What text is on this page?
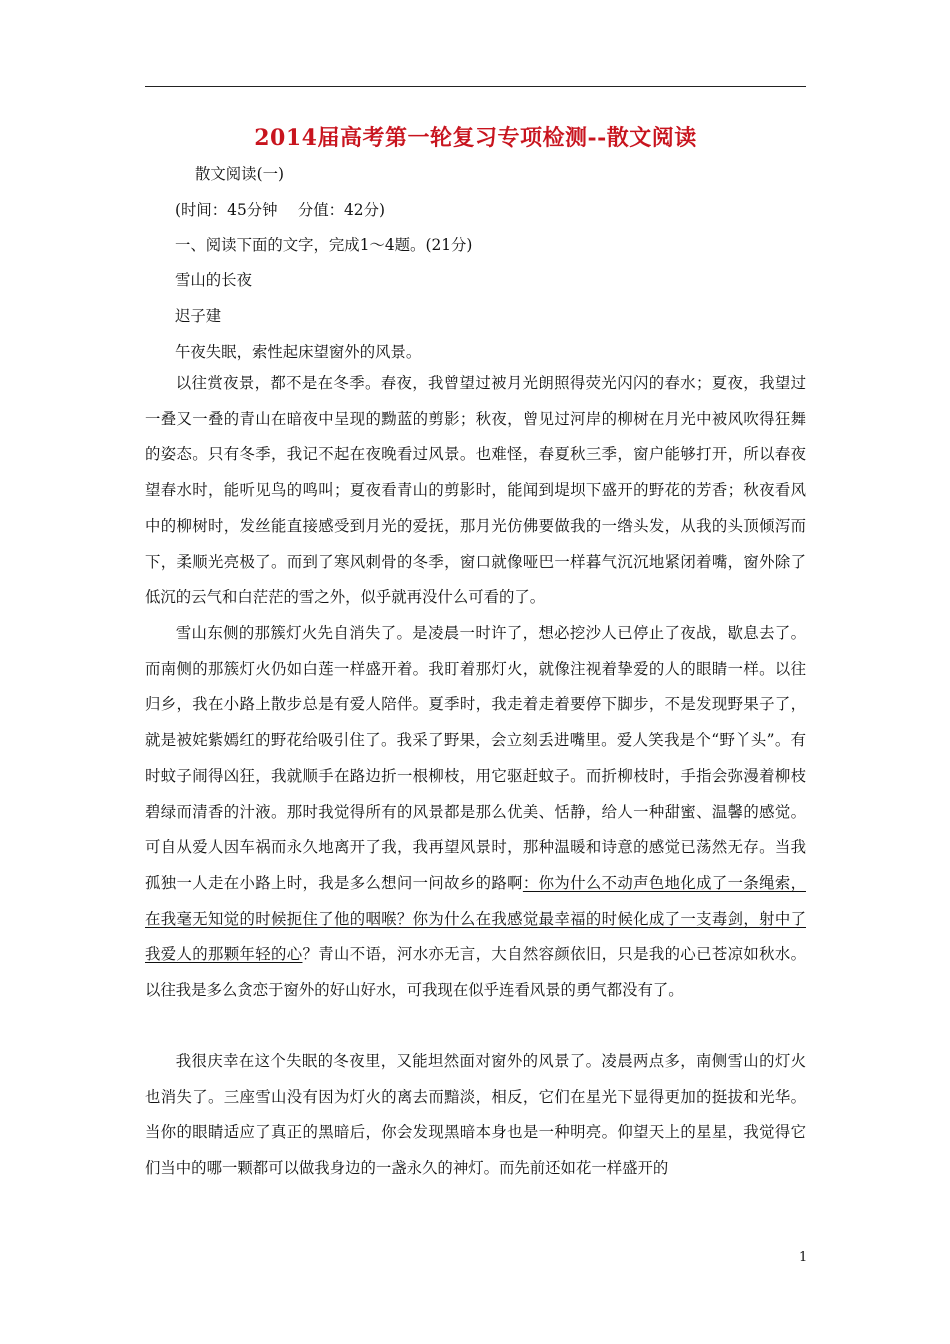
2014届高考第一轮复习专项检测--散文阅读
散文阅读(一)
(时间：45分钟　 分值：42分)
一、阅读下面的文字，完成1～4题。(21分)
雪山的长夜
迟子建
午夜失眠，索性起床望窗外的风景。

以往赏夜景，都不是在冬季。春夜，我曾望过被月光朗照得荧光闪闪的春水；夏夜，我望过一叠又一叠的青山在暗夜中呈现的黝蓝的剪影；秋夜，曾见过河岸的柳树在月光中被风吹得狂舞的姿态。只有冬季，我记不起在夜晚看过风景。也难怪，春夏秋三季，窗户能够打开，所以春夜望春水时，能听见鸟的鸣叫；夏夜看青山的剪影时，能闻到堤坝下盛开的野花的芳香；秋夜看风中的柳树时，发丝能直接感受到月光的爱抚，那月光仿佛要做我的一绺头发，从我的头顶倾泻而下，柔顺光亮极了。而到了寒风刺骨的冬季，窗口就像哑巴一样暮气沉沉地紧闭着嘴，窗外除了低沉的云气和白茫茫的雪之外，似乎就再没什么可看的了。

雪山东侧的那簇灯火先自消失了。是凌晨一时许了，想必挖沙人已停止了夜战，歇息去了。而南侧的那簇灯火仍如白莲一样盛开着。我盯着那灯火，就像注视着挚爱的人的眼睛一样。以往归乡，我在小路上散步总是有爱人陪伴。夏季时，我走着走着要停下脚步，不是发现野果子了，就是被姹紫嫣红的野花给吸引住了。我采了野果，会立刻丢进嘴里。爱人笑我是个“野丫头”。有时蚊子闹得凶狂，我就顺手在路边折一根柳枝，用它驱赶蚊子。而折柳枝时，手指会弥漫着柳枝碧绿而清香的汁液。那时我觉得所有的风景都是那么优美、恬静，给人一种甜蜜、温馨的感觉。可自从爱人因车祸而永久地离开了我，我再望风景时，那种温暖和诗意的感觉已荡然无存。当我孤独一人走在小路上时，我是多么想问一问故乡的路啊：你为什么不动声色地化成了一条绳索，在我毫无知觉的时候扼住了他的咽喉？你为什么在我感觉最幸福的时候化成了一支毒剑，射中了我爱人的那颗年轻的心？青山不语，河水亦无言，大自然容颜依旧，只是我的心已苍凉如秋水。以往我是多么贪恋于窗外的好山好水，可我现在似乎连看风景的勇气都没有了。

我很庆幸在这个失眠的冬夜里，又能坦然面对窗外的风景了。凌晨两点多，南侧雪山的灯火也消失了。三座雪山没有因为灯火的离去而黯淡，相反，它们在星光下显得更加的挺拔和光华。当你的眼睛适应了真正的黑暗后，你会发现黑暗本身也是一种明亮。仰望天上的星星，我觉得它们当中的哪一颗都可以做我身边的一盏永久的神灯。而先前还如花一样盛开的

1
